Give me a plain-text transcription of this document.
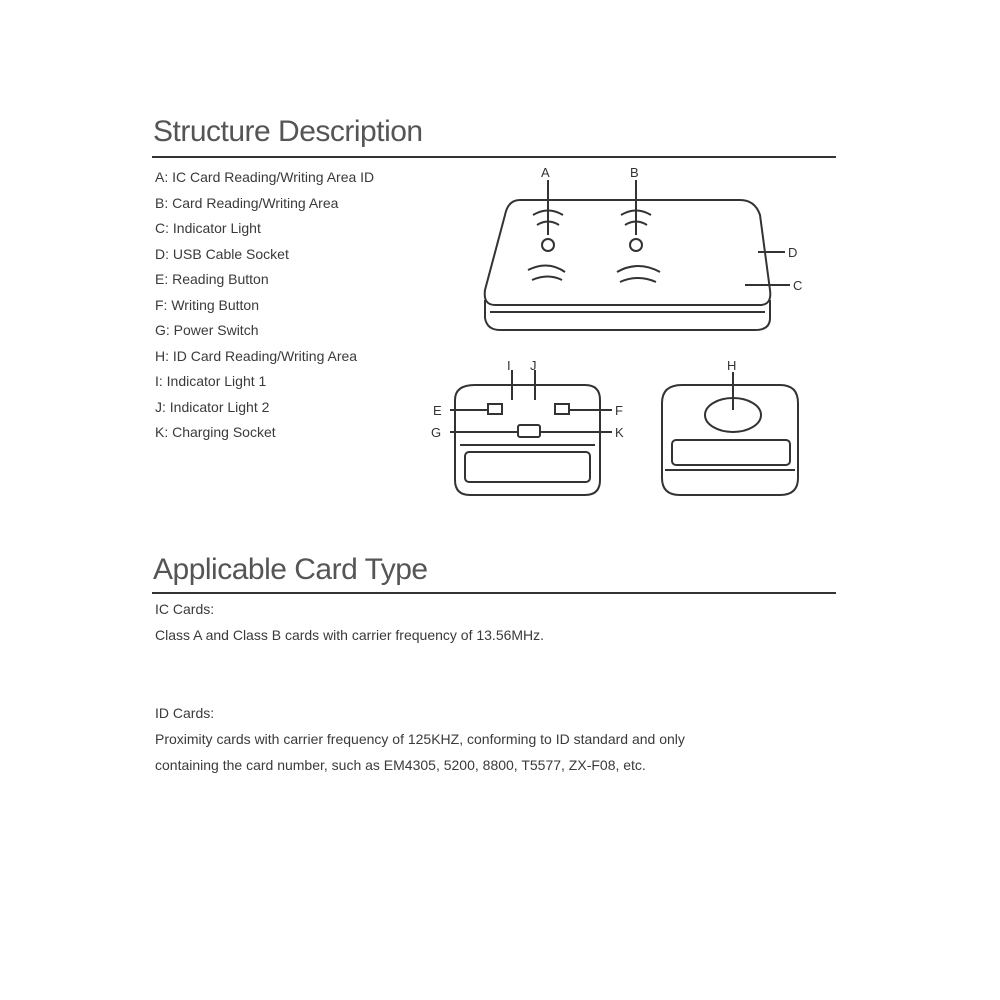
Structure Description
A: IC Card Reading/Writing Area ID
B: Card Reading/Writing Area
C: Indicator Light
D: USB Cable Socket
E: Reading Button
F: Writing Button
G: Power Switch
H: ID Card Reading/Writing Area
I: Indicator Light 1
J: Indicator Light 2
K: Charging Socket
A	B
D
C
I J
E	F
G	K
H
Applicable Card Type
IC Cards:
Class A and Class B cards with carrier frequency of 13.56MHz.
ID Cards:
Proximity cards with carrier frequency of 125KHZ, conforming to ID standard and only
containing the card number, such as EM4305, 5200, 8800, T5577, ZX-F08, etc.
